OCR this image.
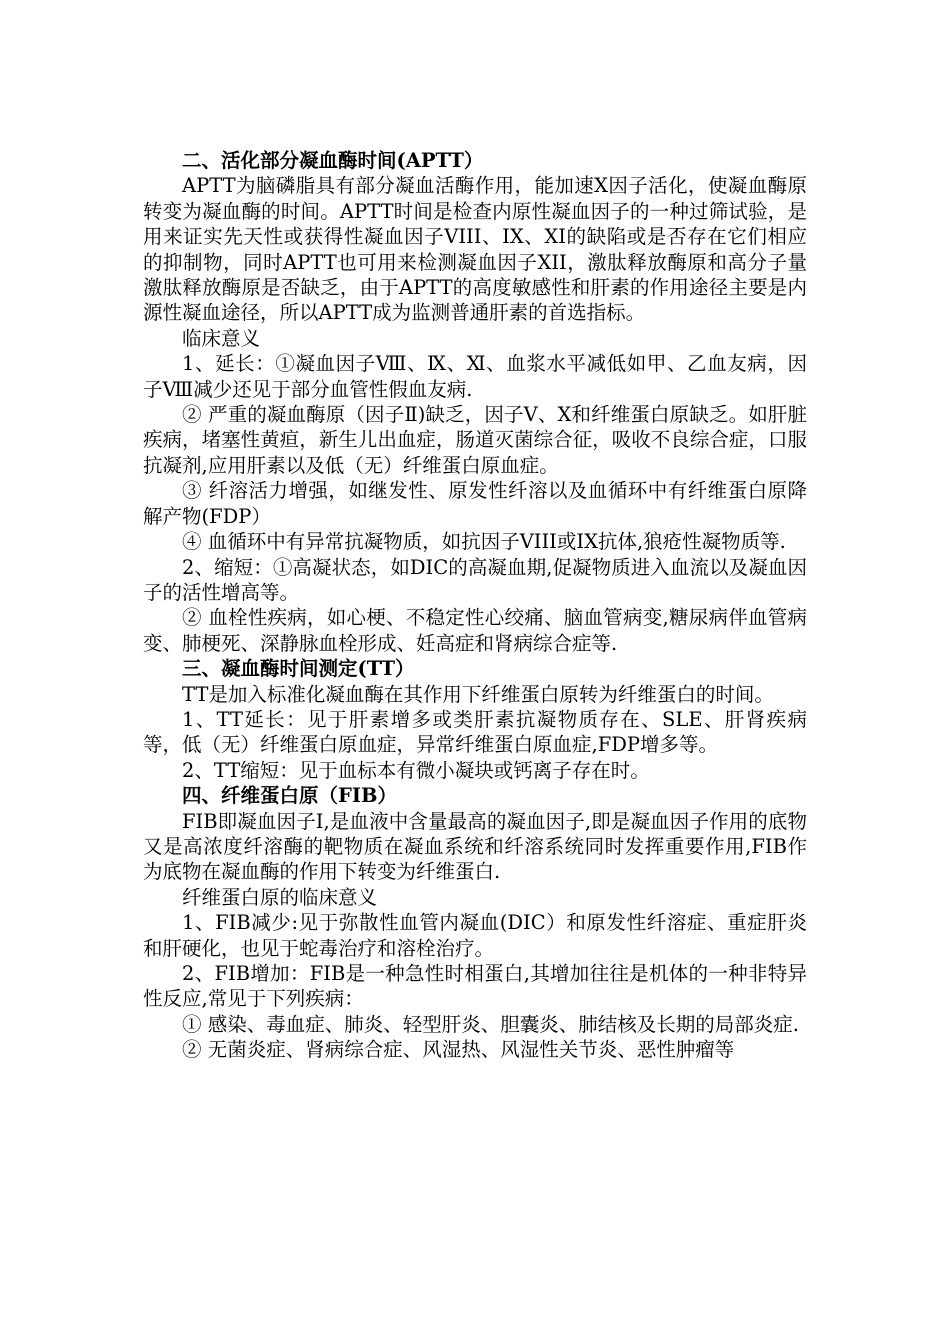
二、活化部分凝血酶时间(APTT）

APTT为脑磷脂具有部分凝血活酶作用，能加速X因子活化，使凝血酶原转变为凝血酶的时间。APTT时间是检查内原性凝血因子的一种过筛试验，是用来证实先天性或获得性凝血因子VIII、IX、XI的缺陷或是否存在它们相应的抑制物，同时APTT也可用来检测凝血因子XII，激肽释放酶原和高分子量激肽释放酶原是否缺乏，由于APTT的高度敏感性和肝素的作用途径主要是内源性凝血途径，所以APTT成为监测普通肝素的首选指标。

临床意义

1、延长：①凝血因子Ⅷ、Ⅸ、Ⅺ、血浆水平减低如甲、乙血友病，因子Ⅷ减少还见于部分血管性假血友病.

② 严重的凝血酶原（因子Ⅱ)缺乏，因子V、X和纤维蛋白原缺乏。如肝脏疾病，堵塞性黄疸，新生儿出血症，肠道灭菌综合征，吸收不良综合症，口服抗凝剂,应用肝素以及低（无）纤维蛋白原血症。

③ 纤溶活力增强，如继发性、原发性纤溶以及血循环中有纤维蛋白原降解产物(FDP）

④ 血循环中有异常抗凝物质，如抗因子VIII或IX抗体,狼疮性凝物质等.

2、缩短：①高凝状态，如DIC的高凝血期,促凝物质进入血流以及凝血因子的活性增高等。

② 血栓性疾病，如心梗、不稳定性心绞痛、脑血管病变,糖尿病伴血管病变、肺梗死、深静脉血栓形成、妊高症和肾病综合症等.

三、凝血酶时间测定(TT）

TT是加入标准化凝血酶在其作用下纤维蛋白原转为纤维蛋白的时间。

1、TT延长：见于肝素增多或类肝素抗凝物质存在、SLE、肝肾疾病等，低（无）纤维蛋白原血症，异常纤维蛋白原血症,FDP增多等。

2、TT缩短：见于血标本有微小凝块或钙离子存在时。

四、纤维蛋白原（FIB）

FIB即凝血因子I,是血液中含量最高的凝血因子,即是凝血因子作用的底物又是高浓度纤溶酶的靶物质在凝血系统和纤溶系统同时发挥重要作用,FIB作为底物在凝血酶的作用下转变为纤维蛋白.

纤维蛋白原的临床意义

1、FIB减少:见于弥散性血管内凝血(DIC）和原发性纤溶症、重症肝炎和肝硬化，也见于蛇毒治疗和溶栓治疗。

2、FIB增加：FIB是一种急性时相蛋白,其增加往往是机体的一种非特异性反应,常见于下列疾病：

① 感染、毒血症、肺炎、轻型肝炎、胆囊炎、肺结核及长期的局部炎症.

② 无菌炎症、肾病综合症、风湿热、风湿性关节炎、恶性肿瘤等
